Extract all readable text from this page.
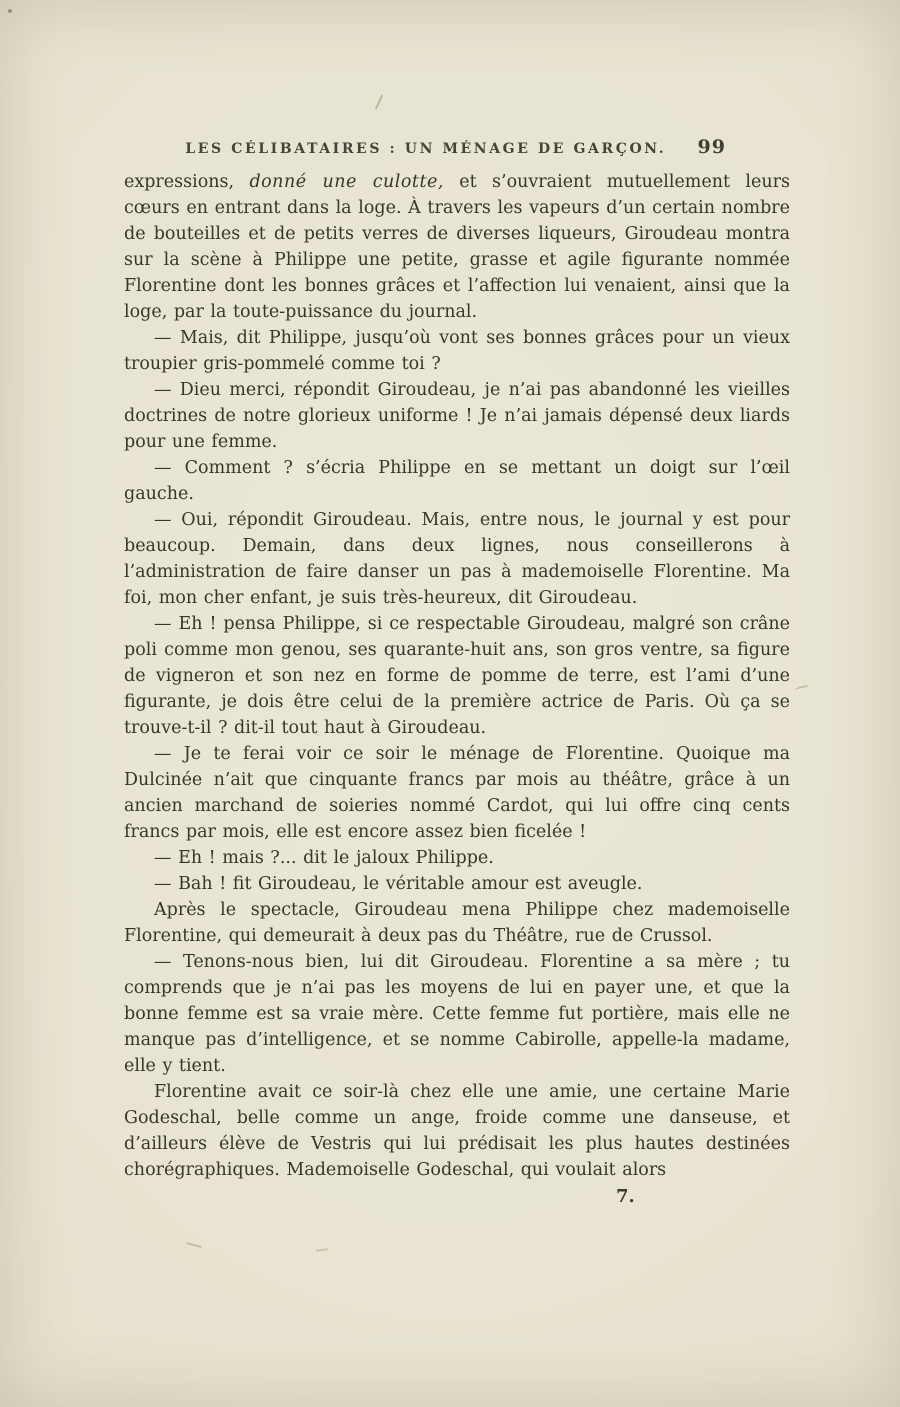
LES CÉLIBATAIRES : UN MÉNAGE DE GARÇON.	99

expressions, donné une culotte, et s’ouvraient mutuellement leurs cœurs en entrant dans la loge. À travers les vapeurs d’un certain nombre de bouteilles et de petits verres de diverses liqueurs, Giroudeau montra sur la scène à Philippe une petite, grasse et agile figurante nommée Florentine dont les bonnes grâces et l’affection lui venaient, ainsi que la loge, par la toute-puissance du journal.

— Mais, dit Philippe, jusqu’où vont ses bonnes grâces pour un vieux troupier gris-pommelé comme toi ?

— Dieu merci, répondit Giroudeau, je n’ai pas abandonné les vieilles doctrines de notre glorieux uniforme ! Je n’ai jamais dépensé deux liards pour une femme.

— Comment ? s’écria Philippe en se mettant un doigt sur l’œil gauche.

— Oui, répondit Giroudeau. Mais, entre nous, le journal y est pour beaucoup. Demain, dans deux lignes, nous conseillerons à l’administration de faire danser un pas à mademoiselle Florentine. Ma foi, mon cher enfant, je suis très-heureux, dit Giroudeau.

— Eh ! pensa Philippe, si ce respectable Giroudeau, malgré son crâne poli comme mon genou, ses quarante-huit ans, son gros ventre, sa figure de vigneron et son nez en forme de pomme de terre, est l’ami d’une figurante, je dois être celui de la première actrice de Paris. Où ça se trouve-t-il ? dit-il tout haut à Giroudeau.

— Je te ferai voir ce soir le ménage de Florentine. Quoique ma Dulcinée n’ait que cinquante francs par mois au théâtre, grâce à un ancien marchand de soieries nommé Cardot, qui lui offre cinq cents francs par mois, elle est encore assez bien ficelée !

— Eh ! mais ?... dit le jaloux Philippe.

— Bah ! fit Giroudeau, le véritable amour est aveugle.

Après le spectacle, Giroudeau mena Philippe chez mademoiselle Florentine, qui demeurait à deux pas du Théâtre, rue de Crussol.

— Tenons-nous bien, lui dit Giroudeau. Florentine a sa mère ; tu comprends que je n’ai pas les moyens de lui en payer une, et que la bonne femme est sa vraie mère. Cette femme fut portière, mais elle ne manque pas d’intelligence, et se nomme Cabirolle, appelle-la madame, elle y tient.

Florentine avait ce soir-là chez elle une amie, une certaine Marie Godeschal, belle comme un ange, froide comme une danseuse, et d’ailleurs élève de Vestris qui lui prédisait les plus hautes destinées chorégraphiques. Mademoiselle Godeschal, qui voulait alors

7.
